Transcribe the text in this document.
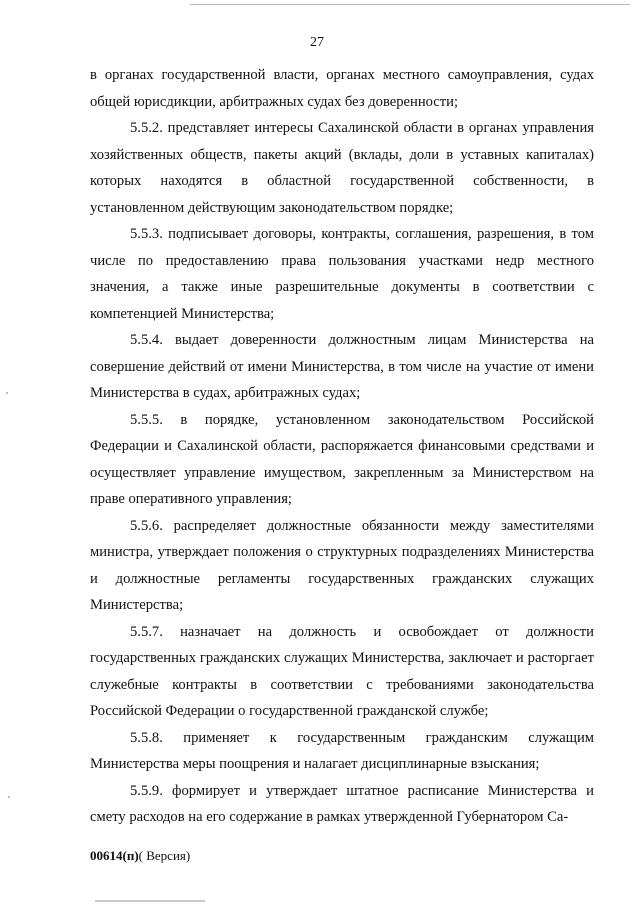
27

в органах государственной власти, органах местного самоуправления, судах общей юрисдикции, арбитражных судах без доверенности;

5.5.2. представляет интересы Сахалинской области в органах управления хозяйственных обществ, пакеты акций (вклады, доли в уставных капиталах) которых находятся в областной государственной собственности, в установленном действующим законодательством порядке;

5.5.3. подписывает договоры, контракты, соглашения, разрешения, в том числе по предоставлению права пользования участками недр местного значения, а также иные разрешительные документы в соответствии с компетенцией Министерства;

5.5.4. выдает доверенности должностным лицам Министерства на совершение действий от имени Министерства, в том числе на участие от имени Министерства в судах, арбитражных судах;

5.5.5. в порядке, установленном законодательством Российской Федерации и Сахалинской области, распоряжается финансовыми средствами и осуществляет управление имуществом, закрепленным за Министерством на праве оперативного управления;

5.5.6. распределяет должностные обязанности между заместителями министра, утверждает положения о структурных подразделениях Министерства и должностные регламенты государственных гражданских служащих Министерства;

5.5.7. назначает на должность и освобождает от должности государственных гражданских служащих Министерства, заключает и расторгает служебные контракты в соответствии с требованиями законодательства Российской Федерации о государственной гражданской службе;

5.5.8. применяет к государственным гражданским служащим Министерства меры поощрения и налагает дисциплинарные взыскания;

5.5.9. формирует и утверждает штатное расписание Министерства и смету расходов на его содержание в рамках утвержденной Губернатором Са-

00614(п)( Версия)
